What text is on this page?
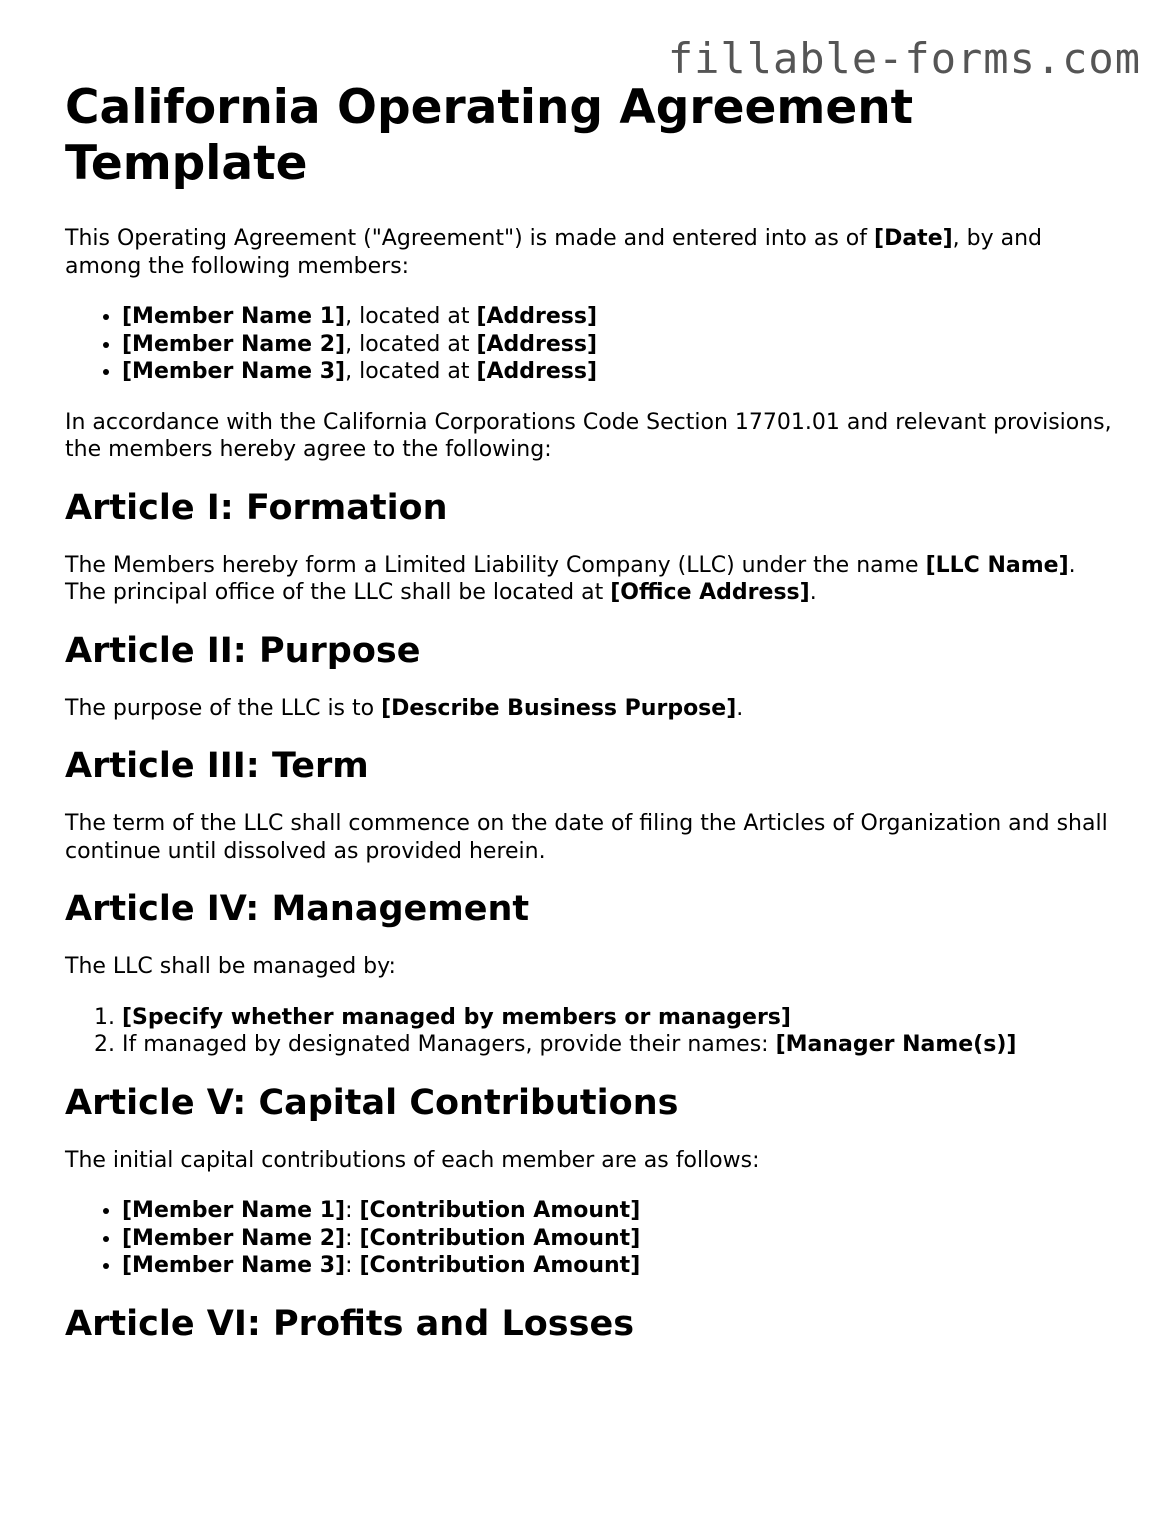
fillable-forms.com
California Operating Agreement Template

This Operating Agreement ("Agreement") is made and entered into as of [Date], by and among the following members:

• [Member Name 1], located at [Address]
• [Member Name 2], located at [Address]
• [Member Name 3], located at [Address]

In accordance with the California Corporations Code Section 17701.01 and relevant provisions, the members hereby agree to the following:

Article I: Formation

The Members hereby form a Limited Liability Company (LLC) under the name [LLC Name]. The principal office of the LLC shall be located at [Office Address].

Article II: Purpose

The purpose of the LLC is to [Describe Business Purpose].

Article III: Term

The term of the LLC shall commence on the date of filing the Articles of Organization and shall continue until dissolved as provided herein.

Article IV: Management

The LLC shall be managed by:

1. [Specify whether managed by members or managers]
2. If managed by designated Managers, provide their names: [Manager Name(s)]
Article V: Capital Contributions

The initial capital contributions of each member are as follows:

• [Member Name 1]: [Contribution Amount]
• [Member Name 2]: [Contribution Amount]
• [Member Name 3]: [Contribution Amount]
Article VI: Profits and Losses
